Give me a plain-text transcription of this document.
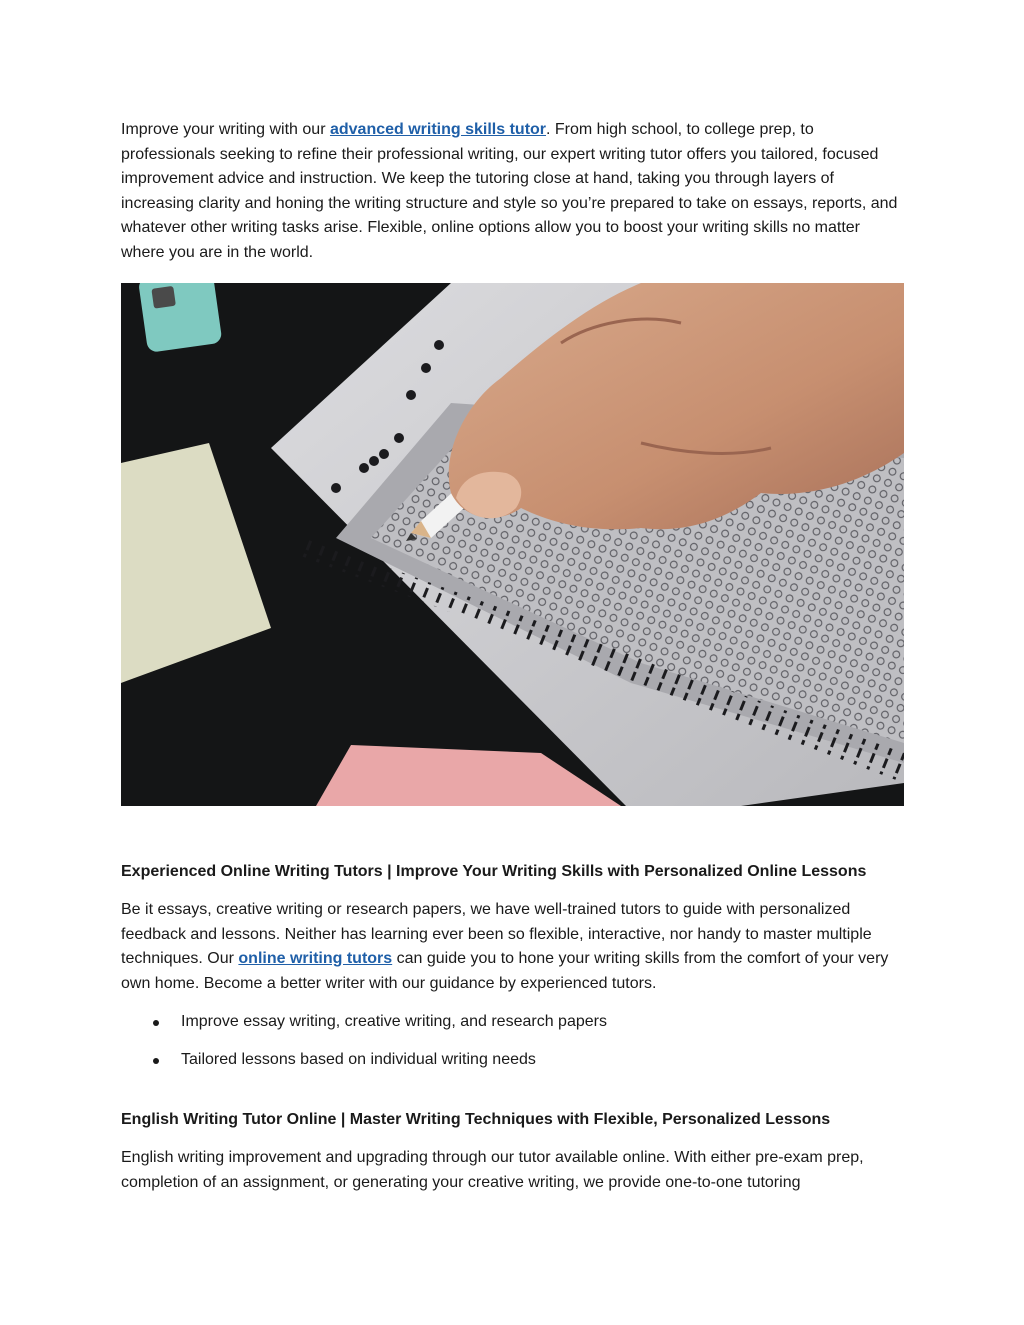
Improve your writing with our advanced writing skills tutor. From high school, to college prep, to professionals seeking to refine their professional writing, our expert writing tutor offers you tailored, focused improvement advice and instruction. We keep the tutoring close at hand, taking you through layers of increasing clarity and honing the writing structure and style so you’re prepared to take on essays, reports, and whatever other writing tasks arise. Flexible, online options allow you to boost your writing skills no matter where you are in the world.

Experienced Online Writing Tutors | Improve Your Writing Skills with Personalized Online Lessons

Be it essays, creative writing or research papers, we have well-trained tutors to guide with personalized feedback and lessons. Neither has learning ever been so flexible, interactive, nor handy to master multiple techniques. Our online writing tutors can guide you to hone your writing skills from the comfort of your very own home. Become a better writer with our guidance by experienced tutors.

Improve essay writing, creative writing, and research papers
Tailored lessons based on individual writing needs
English Writing Tutor Online | Master Writing Techniques with Flexible, Personalized Lessons

English writing improvement and upgrading through our tutor available online. With either pre-exam prep, completion of an assignment, or generating your creative writing, we provide one-to-one tutoring
